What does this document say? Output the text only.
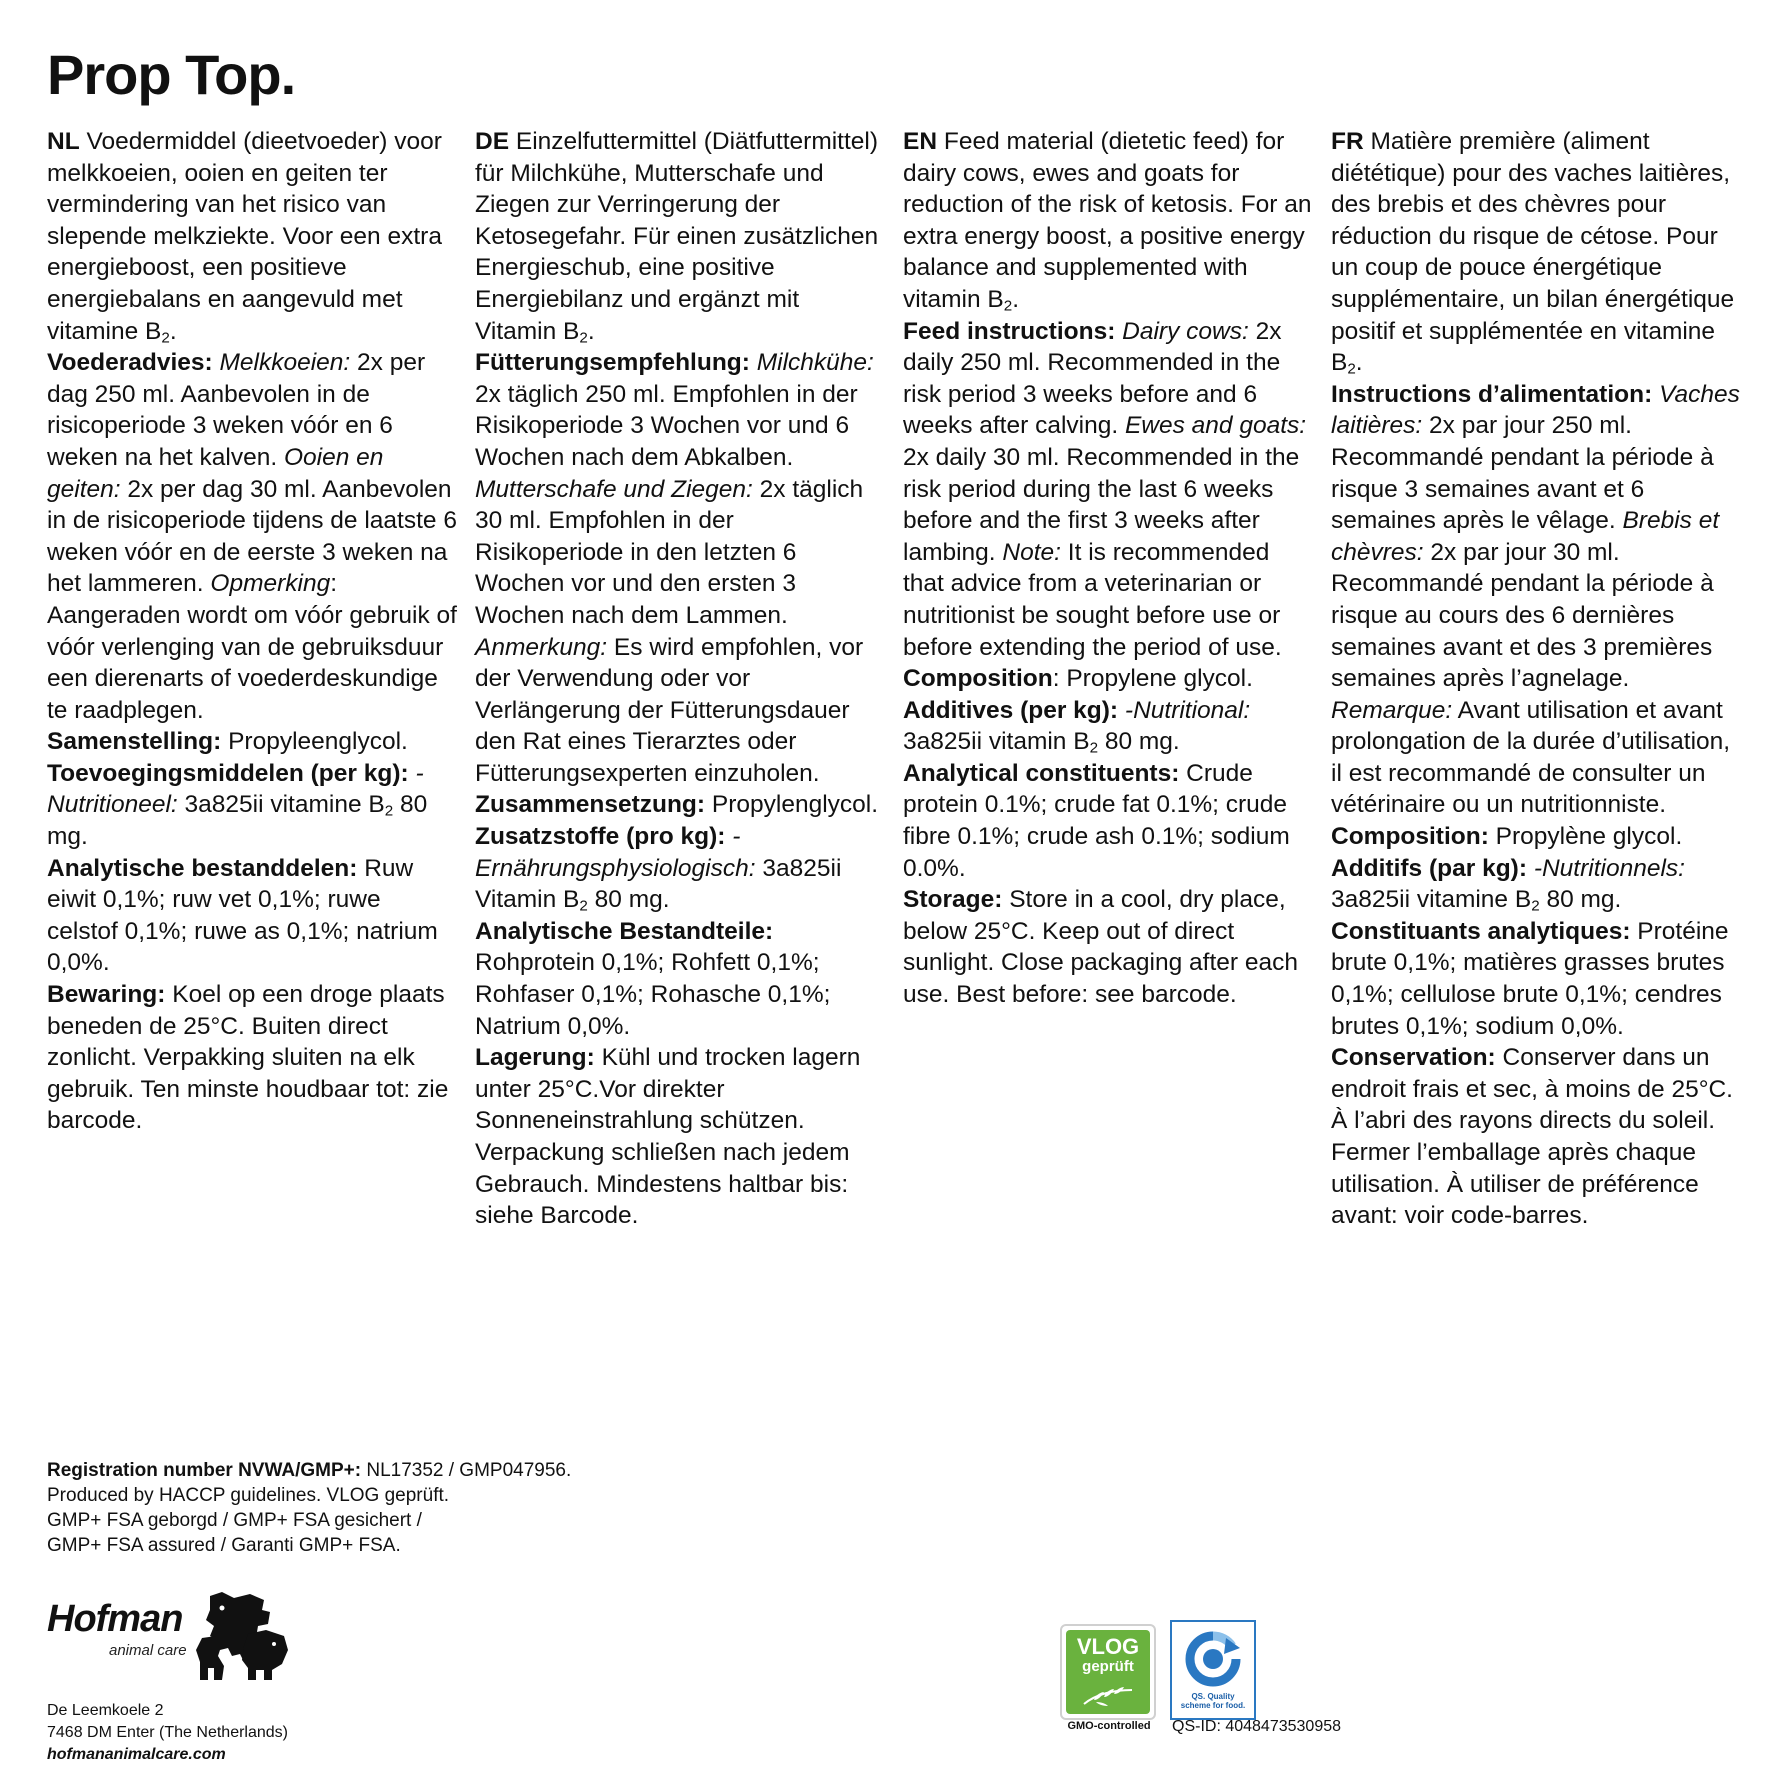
Prop Top.

NL Voedermiddel (dieetvoeder) voor melkkoeien, ooien en geiten ter vermindering van het risico van slepende melkziekte. Voor een extra energieboost, een positieve energiebalans en aangevuld met vitamine $B_2$.

Voederadvies: Melkkoeien: 2x per dag 250 ml. Aanbevolen in de risicoperiode 3 weken vóór en 6 weken na het kalven. Ooien en geiten: 2x per dag 30 ml. Aanbevolen in de risicoperiode tijdens de laatste 6 weken vóór en de eerste 3 weken na het lammeren. Opmerking: Aangeraden wordt om vóór gebruik of vóór verlenging van de gebruiksduur een dierenarts of voederdeskundige te raadplegen.

Samenstelling: Propyleenglycol.

Toevoegingsmiddelen (per kg): -Nutritioneel: 3a825ii vitamine $B_2$ 80 mg.

Analytische bestanddelen: Ruw eiwit 0,1%; ruw vet 0,1%; ruwe celstof 0,1%; ruwe as 0,1%; natrium 0,0%.

Bewaring: Koel op een droge plaats beneden de 25°C. Buiten direct zonlicht. Verpakking sluiten na elk gebruik. Ten minste houdbaar tot: zie barcode.

DE Einzelfuttermittel (Diätfuttermittel) für Milchkühe, Mutterschafe und Ziegen zur Verringerung der Ketosegefahr. Für einen zusätzlichen Energieschub, eine positive Energiebilanz und ergänzt mit Vitamin $B_2$.

Fütterungsempfehlung: Milchkühe: 2x täglich 250 ml. Empfohlen in der Risikoperiode 3 Wochen vor und 6 Wochen nach dem Abkalben. Mutterschafe und Ziegen: 2x täglich 30 ml. Empfohlen in der Risikoperiode in den letzten 6 Wochen vor und den ersten 3 Wochen nach dem Lammen. Anmerkung: Es wird empfohlen, vor der Verwendung oder vor Verlängerung der Fütterungsdauer den Rat eines Tierarztes oder Fütterungsexperten einzuholen.

Zusammensetzung: Propylenglycol.

Zusatzstoffe (pro kg): -Ernährungsphysiologisch: 3a825ii Vitamin $B_2$ 80 mg.

Analytische Bestandteile: Rohprotein 0,1%; Rohfett 0,1%; Rohfaser 0,1%; Rohasche 0,1%; Natrium 0,0%.

Lagerung: Kühl und trocken lagern unter 25°C.Vor direkter Sonneneinstrahlung schützen. Verpackung schließen nach jedem Gebrauch. Mindestens haltbar bis: siehe Barcode.

EN Feed material (dietetic feed) for dairy cows, ewes and goats for reduction of the risk of ketosis. For an extra energy boost, a positive energy balance and supplemented with vitamin $B_2$.

Feed instructions: Dairy cows: 2x daily 250 ml. Recommended in the risk period 3 weeks before and 6 weeks after calving. Ewes and goats: 2x daily 30 ml. Recommended in the risk period during the last 6 weeks before and the first 3 weeks after lambing. Note: It is recommended that advice from a veterinarian or nutritionist be sought before use or before extending the period of use.

Composition: Propylene glycol.

Additives (per kg): -Nutritional: 3a825ii vitamin $B_2$ 80 mg.

Analytical constituents: Crude protein 0.1%; crude fat 0.1%; crude fibre 0.1%; crude ash 0.1%; sodium 0.0%.

Storage: Store in a cool, dry place, below 25°C. Keep out of direct sunlight. Close packaging after each use. Best before: see barcode.

FR Matière première (aliment diététique) pour des vaches laitières, des brebis et des chèvres pour réduction du risque de cétose. Pour un coup de pouce énergétique supplémentaire, un bilan énergétique positif et supplémentée en vitamine $B_2$.

Instructions d’alimentation: Vaches laitières: 2x par jour 250 ml. Recommandé pendant la période à risque 3 semaines avant et 6 semaines après le vêlage. Brebis et chèvres: 2x par jour 30 ml. Recommandé pendant la période à risque au cours des 6 dernières semaines avant et des 3 premières semaines après l’agnelage. Remarque: Avant utilisation et avant prolongation de la durée d’utilisation, il est recommandé de consulter un vétérinaire ou un nutritionniste.

Composition: Propylène glycol.

Additifs (par kg): -Nutritionnels: 3a825ii vitamine $B_2$ 80 mg.

Constituants analytiques: Protéine brute 0,1%; matières grasses brutes 0,1%; cellulose brute 0,1%; cendres brutes 0,1%; sodium 0,0%.

Conservation: Conserver dans un endroit frais et sec, à moins de 25°C. À l’abri des rayons directs du soleil. Fermer l’emballage après chaque utilisation. À utiliser de préférence avant: voir code-barres.

Registration number NVWA/GMP+: NL17352 / GMP047956.

Produced by HACCP guidelines. VLOG geprüft.

GMP+ FSA geborgd / GMP+ FSA gesichert /

GMP+ FSA assured / Garanti GMP+ FSA.

Hofman
animal care

De Leemkoele 2

7468 DM Enter (The Netherlands)

hofmananimalcare.com

VLOG
geprüft
GMO-controlled
QS. Quality
scheme for food.
QS-ID: 4048473530958
